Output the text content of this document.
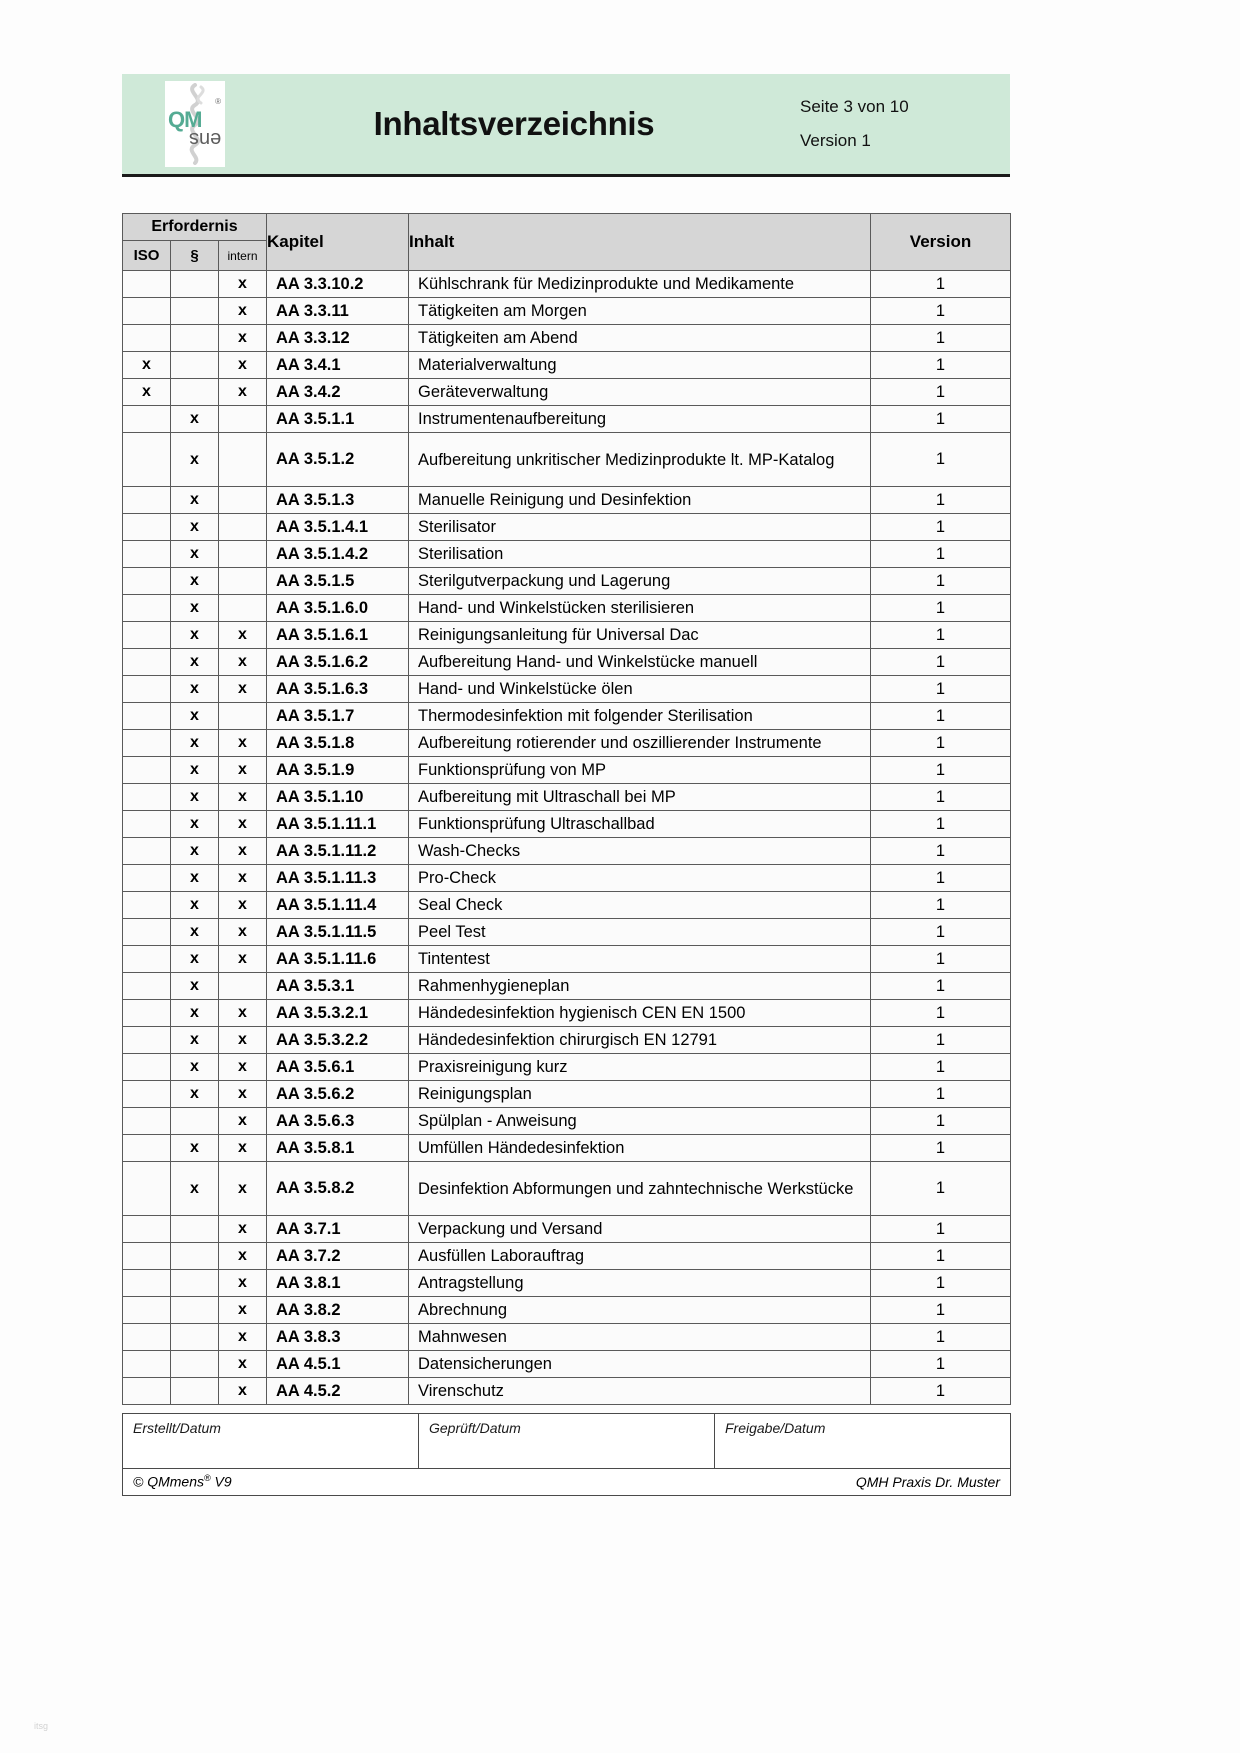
QM
®
ens	Inhaltsverzeichnis	Seite 3 von 10
Version 1
Erfordernis			Kapitel	Inhalt	Version
ISO	§	intern			
		x	AA 3.3.10.2	Kühlschrank für Medizinprodukte und Medikamente	1
		x	AA 3.3.11	Tätigkeiten am Morgen	1
		x	AA 3.3.12	Tätigkeiten am Abend	1
x		x	AA 3.4.1	Materialverwaltung	1
x		x	AA 3.4.2	Geräteverwaltung	1
	x		AA 3.5.1.1	Instrumentenaufbereitung	1
	x		AA 3.5.1.2	Aufbereitung unkritischer Medizinprodukte lt. MP-Katalog	1
	x		AA 3.5.1.3	Manuelle Reinigung und Desinfektion	1
	x		AA 3.5.1.4.1	Sterilisator	1
	x		AA 3.5.1.4.2	Sterilisation	1
	x		AA 3.5.1.5	Sterilgutverpackung und Lagerung	1
	x		AA 3.5.1.6.0	Hand- und Winkelstücken sterilisieren	1
	x	x	AA 3.5.1.6.1	Reinigungsanleitung für Universal Dac	1
	x	x	AA 3.5.1.6.2	Aufbereitung Hand- und Winkelstücke manuell	1
	x	x	AA 3.5.1.6.3	Hand- und Winkelstücke ölen	1
	x		AA 3.5.1.7	Thermodesinfektion mit folgender Sterilisation	1
	x	x	AA 3.5.1.8	Aufbereitung rotierender und oszillierender Instrumente	1
	x	x	AA 3.5.1.9	Funktionsprüfung von MP	1
	x	x	AA 3.5.1.10	Aufbereitung mit Ultraschall bei MP	1
	x	x	AA 3.5.1.11.1	Funktionsprüfung Ultraschallbad	1
	x	x	AA 3.5.1.11.2	Wash-Checks	1
	x	x	AA 3.5.1.11.3	Pro-Check	1
	x	x	AA 3.5.1.11.4	Seal Check	1
	x	x	AA 3.5.1.11.5	Peel Test	1
	x	x	AA 3.5.1.11.6	Tintentest	1
	x		AA 3.5.3.1	Rahmenhygieneplan	1
	x	x	AA 3.5.3.2.1	Händedesinfektion hygienisch CEN EN 1500	1
	x	x	AA 3.5.3.2.2	Händedesinfektion chirurgisch EN 12791	1
	x	x	AA 3.5.6.1	Praxisreinigung kurz	1
	x	x	AA 3.5.6.2	Reinigungsplan	1
		x	AA 3.5.6.3	Spülplan - Anweisung	1
	x	x	AA 3.5.8.1	Umfüllen Händedesinfektion	1
	x	x	AA 3.5.8.2	Desinfektion Abformungen und zahntechnische Werkstücke	1
		x	AA 3.7.1	Verpackung und Versand	1
		x	AA 3.7.2	Ausfüllen Laborauftrag	1
		x	AA 3.8.1	Antragstellung	1
		x	AA 3.8.2	Abrechnung	1
		x	AA 3.8.3	Mahnwesen	1
		x	AA 4.5.1	Datensicherungen	1
		x	AA 4.5.2	Virenschutz	1
Erstellt/Datum	Geprüft/Datum	Freigabe/Datum
© QMmens® V9	QMH Praxis Dr. Muster
itsg
